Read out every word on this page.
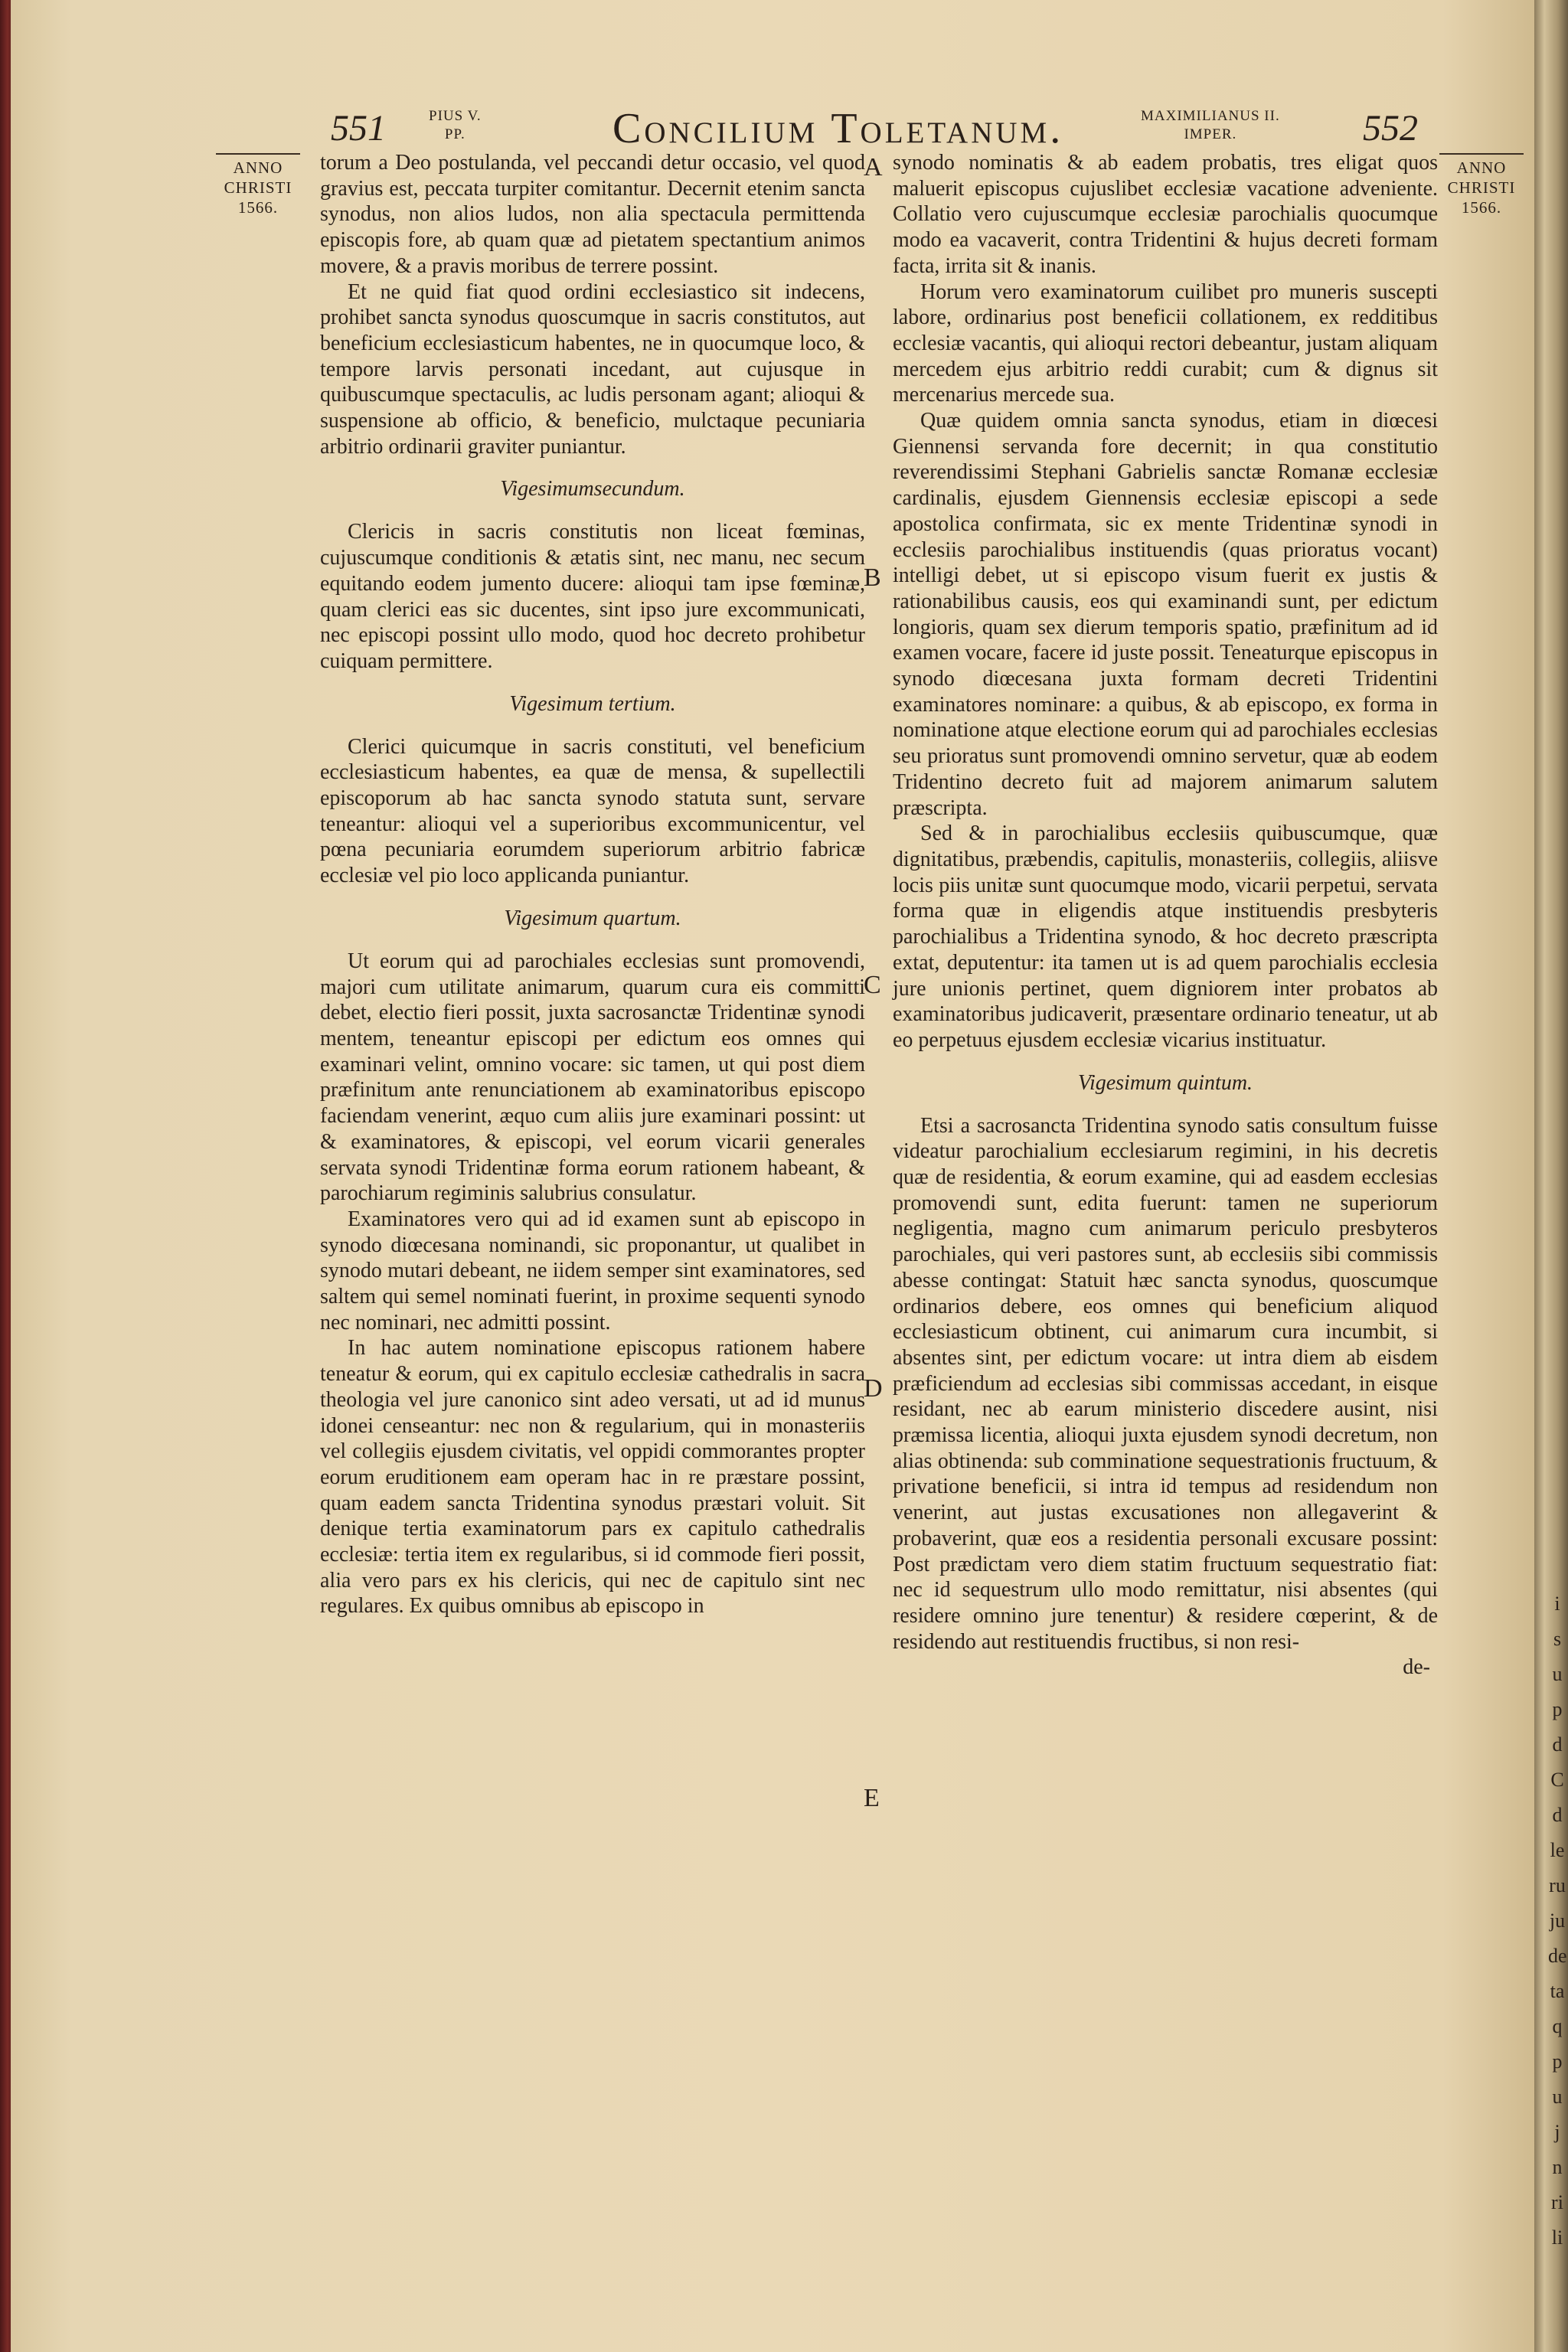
551	PIUS V.
PP.	Concilium Toletanum.	MAXIMILIANUS II.
IMPER.	552
ANNO
CHRISTI
1566.
ANNO
CHRISTI
1566.
A
B
C
D
E

torum a Deo postulanda, vel peccandi detur occasio, vel quod gravius est, peccata turpiter comitantur. Decernit etenim sancta synodus, non alios ludos, non alia spectacula permittenda episcopis fore, ab quam quæ ad pietatem spectantium animos movere, & a pravis moribus de terrere possint.

Et ne quid fiat quod ordini ecclesiastico sit indecens, prohibet sancta synodus quoscumque in sacris constitutos, aut beneficium ecclesiasticum habentes, ne in quocumque loco, & tempore larvis personati incedant, aut cujusque in quibuscumque spectaculis, ac ludis personam agant; alioqui & suspensione ab officio, & beneficio, mulctaque pecuniaria arbitrio ordinarii graviter puniantur.

Vigesimumsecundum.

Clericis in sacris constitutis non liceat fœminas, cujuscumque conditionis & ætatis sint, nec manu, nec secum equitando eodem jumento ducere: alioqui tam ipse fœminæ, quam clerici eas sic ducentes, sint ipso jure excommunicati, nec episcopi possint ullo modo, quod hoc decreto prohibetur cuiquam permittere.

Vigesimum tertium.

Clerici quicumque in sacris constituti, vel beneficium ecclesiasticum habentes, ea quæ de mensa, & supellectili episcoporum ab hac sancta synodo statuta sunt, servare teneantur: alioqui vel a superioribus excommunicentur, vel pœna pecuniaria eorumdem superiorum arbitrio fabricæ ecclesiæ vel pio loco applicanda puniantur.

Vigesimum quartum.

Ut eorum qui ad parochiales ecclesias sunt promovendi, majori cum utilitate animarum, quarum cura eis committi debet, electio fieri possit, juxta sacrosanctæ Tridentinæ synodi mentem, teneantur episcopi per edictum eos omnes qui examinari velint, omnino vocare: sic tamen, ut qui post diem præfinitum ante renunciationem ab examinatoribus episcopo faciendam venerint, æquo cum aliis jure examinari possint: ut & examinatores, & episcopi, vel eorum vicarii generales servata synodi Tridentinæ forma eorum rationem habeant, & parochiarum regiminis salubrius consulatur.

Examinatores vero qui ad id examen sunt ab episcopo in synodo diœcesana nominandi, sic proponantur, ut qualibet in synodo mutari debeant, ne iidem semper sint examinatores, sed saltem qui semel nominati fuerint, in proxime sequenti synodo nec nominari, nec admitti possint.

In hac autem nominatione episcopus rationem habere teneatur & eorum, qui ex capitulo ecclesiæ cathedralis in sacra theologia vel jure canonico sint adeo versati, ut ad id munus idonei censeantur: nec non & regularium, qui in monasteriis vel collegiis ejusdem civitatis, vel oppidi commorantes propter eorum eruditionem eam operam hac in re præstare possint, quam eadem sancta Tridentina synodus præstari voluit. Sit denique tertia examinatorum pars ex capitulo cathedralis ecclesiæ: tertia item ex regularibus, si id commode fieri possit, alia vero pars ex his clericis, qui nec de capitulo sint nec regulares. Ex quibus omnibus ab episcopo in

synodo nominatis & ab eadem probatis, tres eligat quos maluerit episcopus cujuslibet ecclesiæ vacatione adveniente. Collatio vero cujuscumque ecclesiæ parochialis quocumque modo ea vacaverit, contra Tridentini & hujus decreti formam facta, irrita sit & inanis.

Horum vero examinatorum cuilibet pro muneris suscepti labore, ordinarius post beneficii collationem, ex redditibus ecclesiæ vacantis, qui alioqui rectori debeantur, justam aliquam mercedem ejus arbitrio reddi curabit; cum & dignus sit mercenarius mercede sua.

Quæ quidem omnia sancta synodus, etiam in diœcesi Giennensi servanda fore decernit; in qua constitutio reverendissimi Stephani Gabrielis sanctæ Romanæ ecclesiæ cardinalis, ejusdem Giennensis ecclesiæ episcopi a sede apostolica confirmata, sic ex mente Tridentinæ synodi in ecclesiis parochialibus instituendis (quas prioratus vocant) intelligi debet, ut si episcopo visum fuerit ex justis & rationabilibus causis, eos qui examinandi sunt, per edictum longioris, quam sex dierum temporis spatio, præfinitum ad id examen vocare, facere id juste possit. Teneaturque episcopus in synodo diœcesana juxta formam decreti Tridentini examinatores nominare: a quibus, & ab episcopo, ex forma in nominatione atque electione eorum qui ad parochiales ecclesias seu prioratus sunt promovendi omnino servetur, quæ ab eodem Tridentino decreto fuit ad majorem animarum salutem præscripta.

Sed & in parochialibus ecclesiis quibuscumque, quæ dignitatibus, præbendis, capitulis, monasteriis, collegiis, aliisve locis piis unitæ sunt quocumque modo, vicarii perpetui, servata forma quæ in eligendis atque instituendis presbyteris parochialibus a Tridentina synodo, & hoc decreto præscripta extat, deputentur: ita tamen ut is ad quem parochialis ecclesia jure unionis pertinet, quem digniorem inter probatos ab examinatoribus judicaverit, præsentare ordinario teneatur, ut ab eo perpetuus ejusdem ecclesiæ vicarius instituatur.

Vigesimum quintum.

Etsi a sacrosancta Tridentina synodo satis consultum fuisse videatur parochialium ecclesiarum regimini, in his decretis quæ de residentia, & eorum examine, qui ad easdem ecclesias promovendi sunt, edita fuerunt: tamen ne superiorum negligentia, magno cum animarum periculo presbyteros parochiales, qui veri pastores sunt, ab ecclesiis sibi commissis abesse contingat: Statuit hæc sancta synodus, quoscumque ordinarios debere, eos omnes qui beneficium aliquod ecclesiasticum obtinent, cui animarum cura incumbit, si absentes sint, per edictum vocare: ut intra diem ab eisdem præficiendum ad ecclesias sibi commissas accedant, in eisque residant, nec ab earum ministerio discedere ausint, nisi præmissa licentia, alioqui juxta ejusdem synodi decretum, non alias obtinenda: sub comminatione sequestrationis fructuum, & privatione beneficii, si intra id tempus ad residendum non venerint, aut justas excusationes non allegaverint & probaverint, quæ eos a residentia personali excusare possint: Post prædictam vero diem statim fructuum sequestratio fiat: nec id sequestrum ullo modo remittatur, nisi absentes (qui residere omnino jure tenentur) & residere cœperint, & de residendo aut restituendis fructibus, si non resi-

de-
i
s
u
p
d
C
d
le
ru
ju
de
ta
q
p
u
j
n
ri
li
